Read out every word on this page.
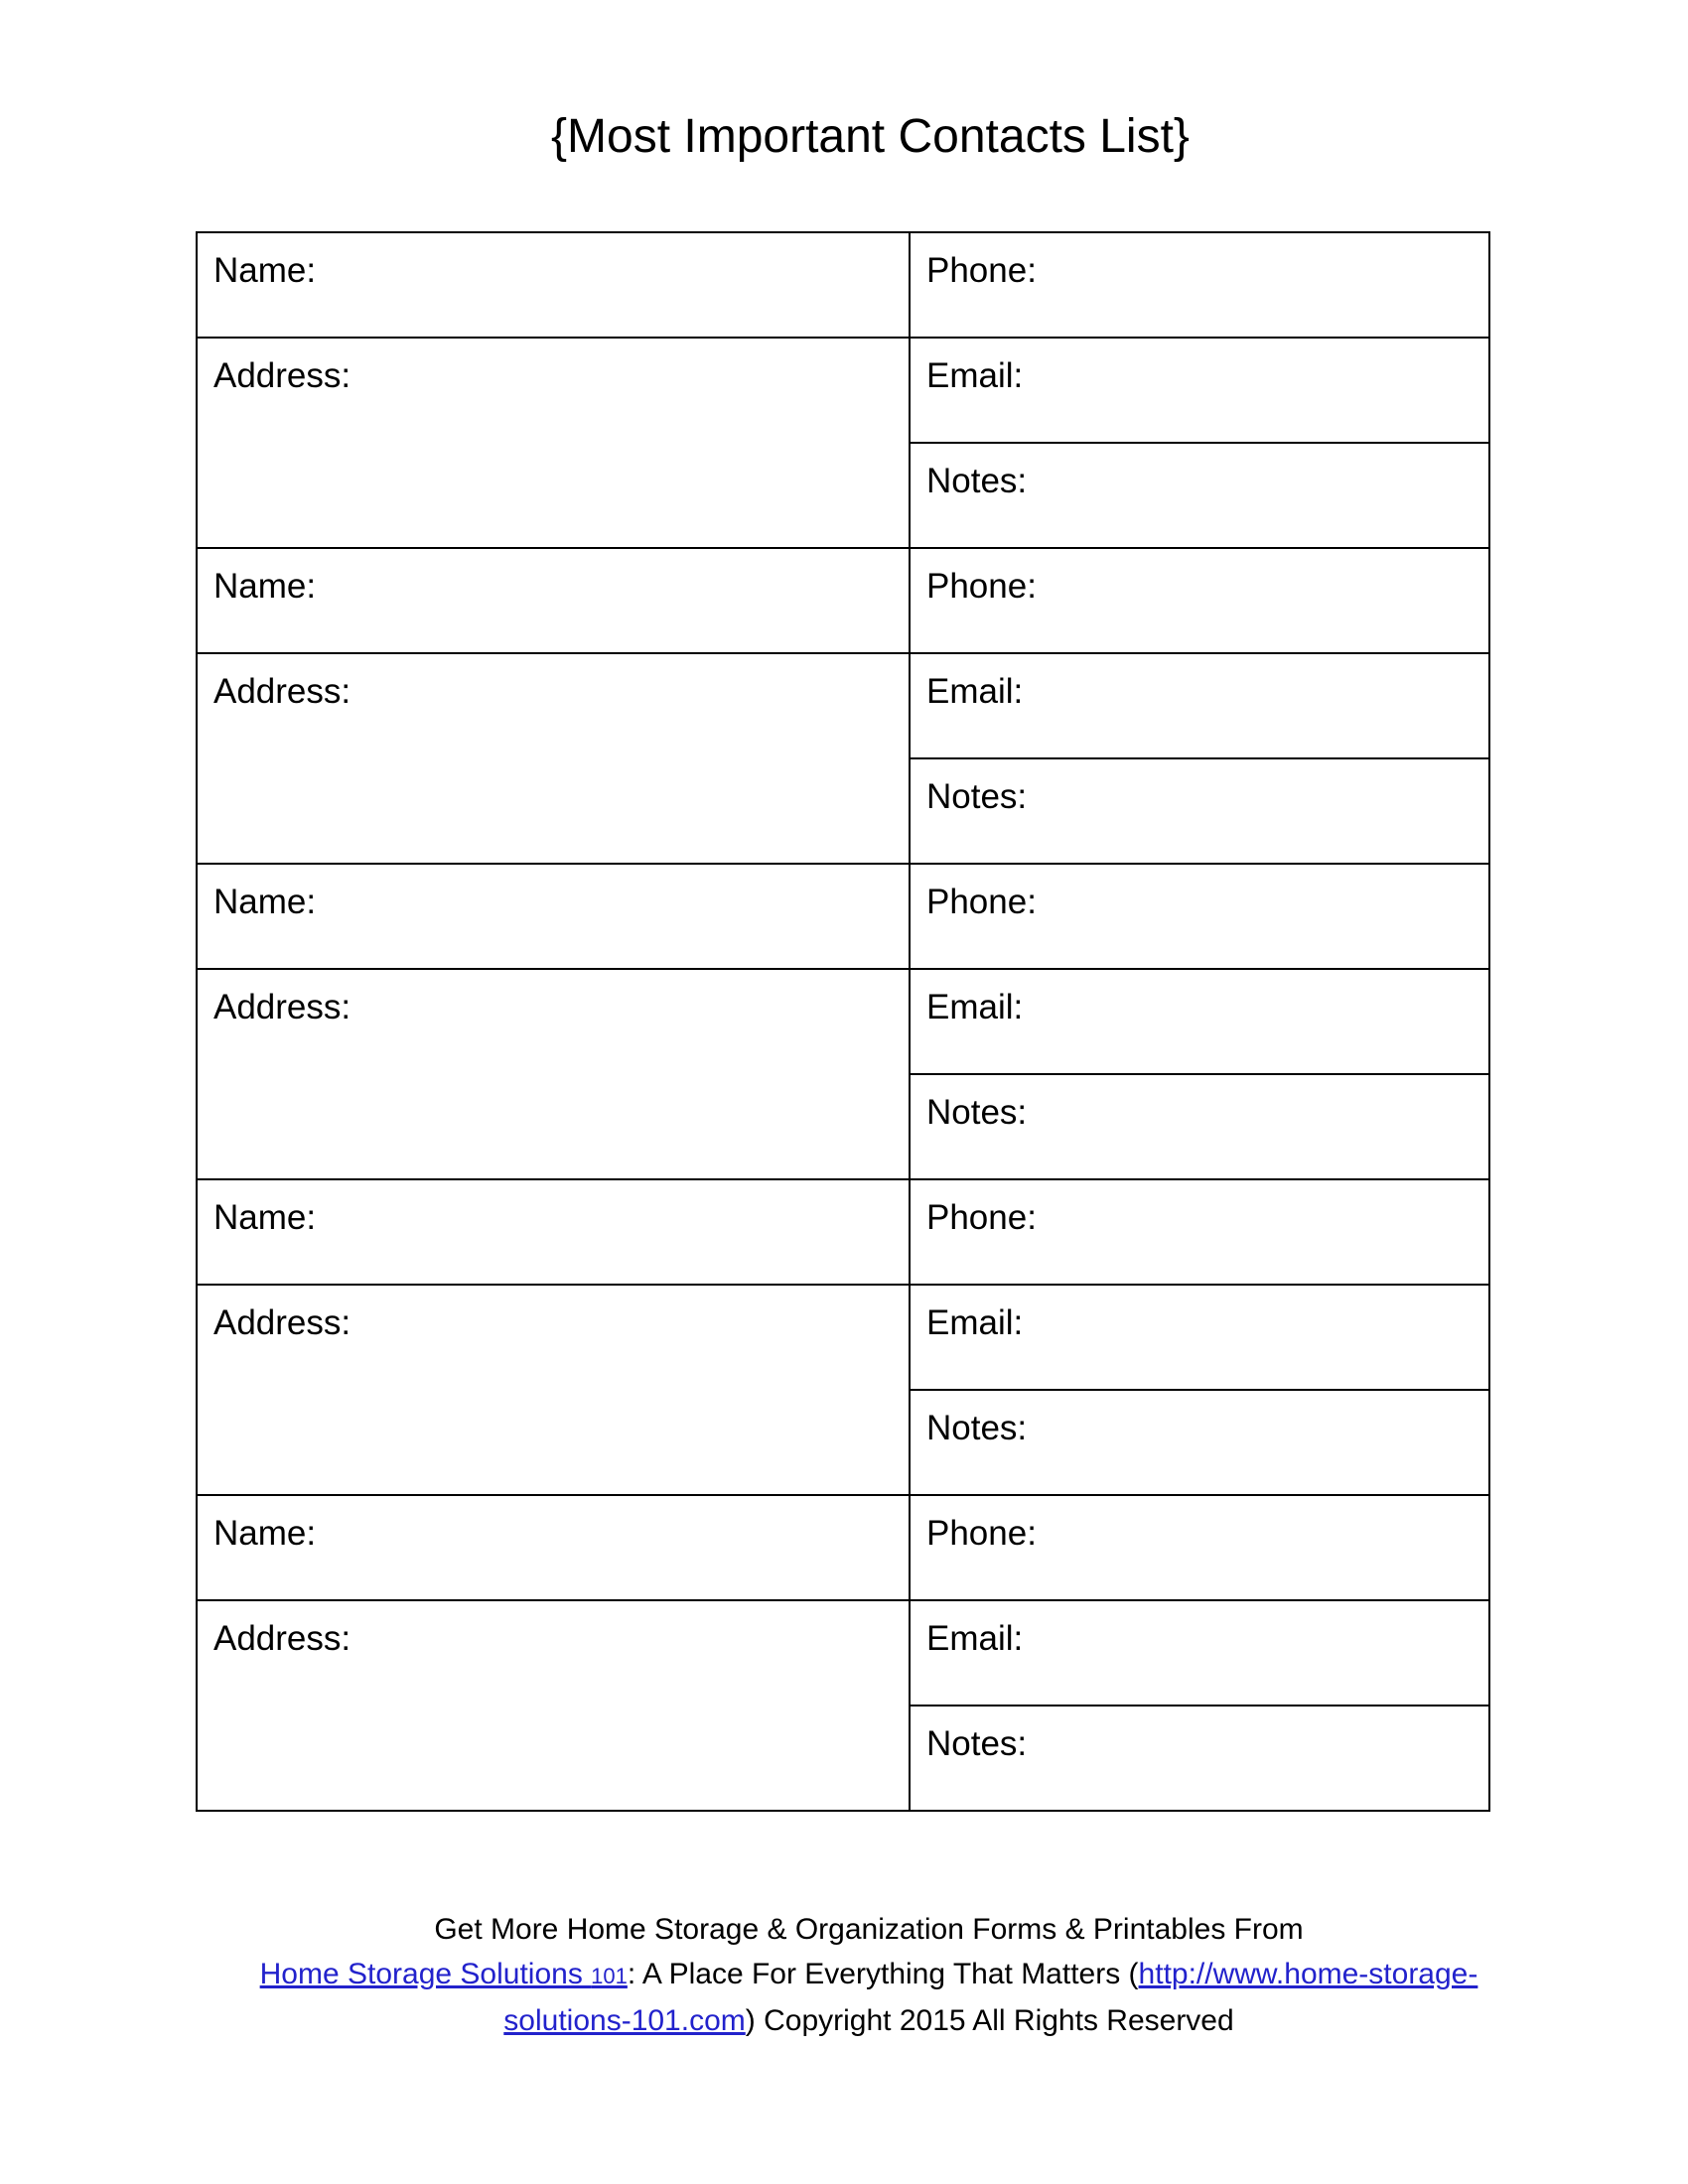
{Most Important Contacts List}
Name:	Phone:
Address:	Email:
	Notes:
Name:	Phone:
Address:	Email:
	Notes:
Name:	Phone:
Address:	Email:
	Notes:
Name:	Phone:
Address:	Email:
	Notes:
Name:	Phone:
Address:	Email:
	Notes:
Get More Home Storage & Organization Forms & Printables From
Home Storage Solutions 101: A Place For Everything That Matters (http://www.home-storage-
solutions-101.com) Copyright 2015 All Rights Reserved
